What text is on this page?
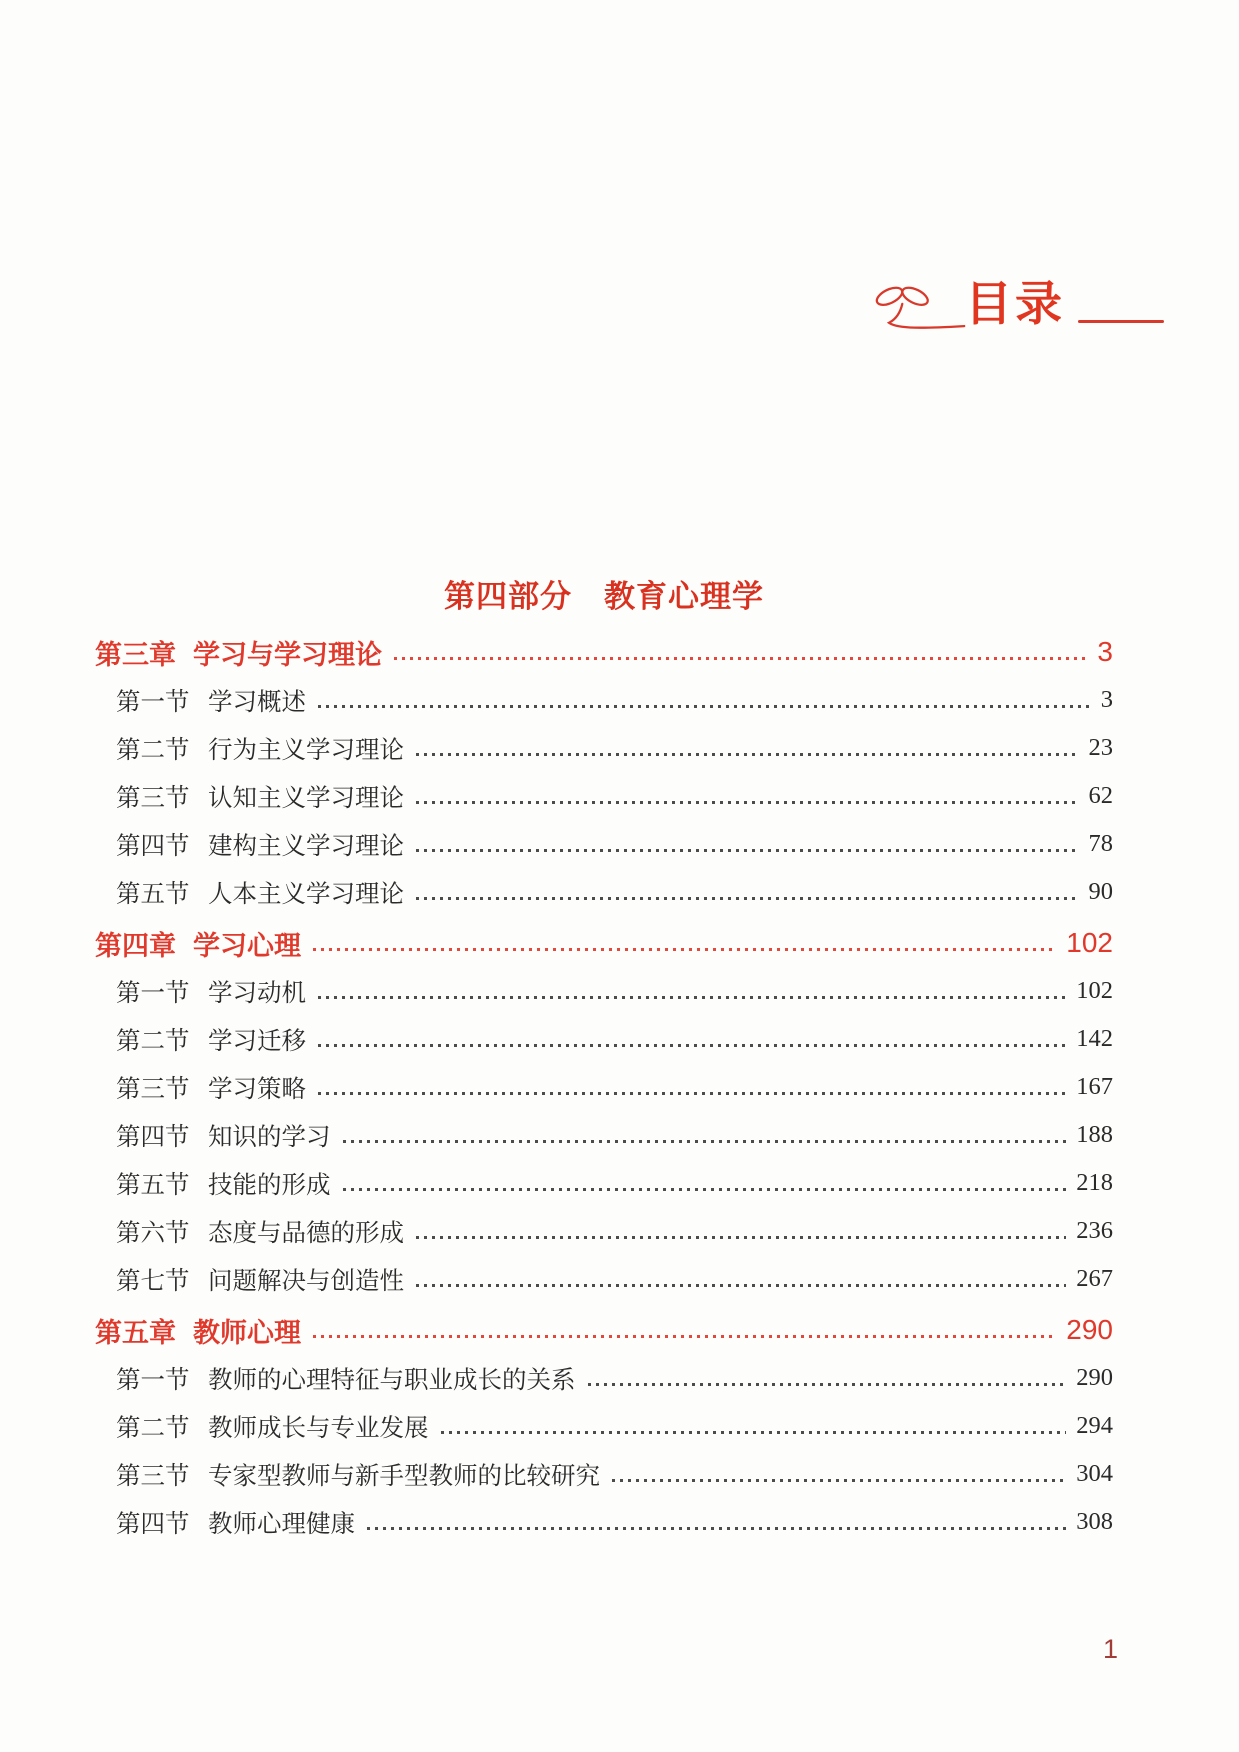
目录
第四部分　教育心理学
第三章 学习与学习理论	3
第一节 学习概述	3
第二节 行为主义学习理论	23
第三节 认知主义学习理论	62
第四节 建构主义学习理论	78
第五节 人本主义学习理论	90
第四章 学习心理	102
第一节 学习动机	102
第二节 学习迁移	142
第三节 学习策略	167
第四节 知识的学习	188
第五节 技能的形成	218
第六节 态度与品德的形成	236
第七节 问题解决与创造性	267
第五章 教师心理	290
第一节 教师的心理特征与职业成长的关系	290
第二节 教师成长与专业发展	294
第三节 专家型教师与新手型教师的比较研究	304
第四节 教师心理健康	308
1
